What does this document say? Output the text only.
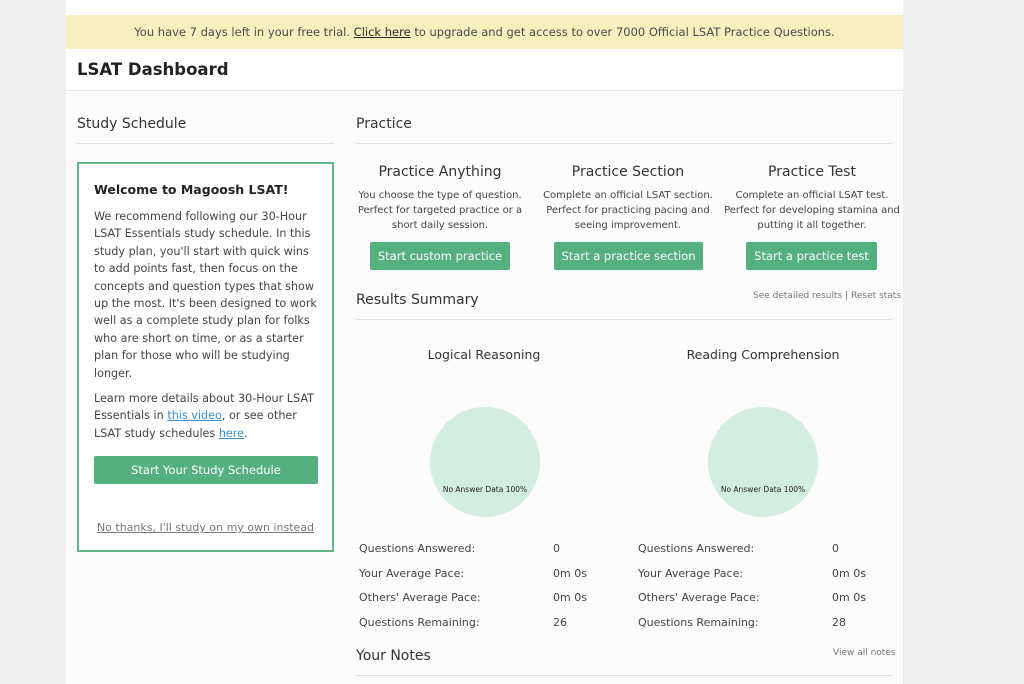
You have 7 days left in your free trial. Click here to upgrade and get access to over 7000 Official LSAT Practice Questions.
LSAT Dashboard
Study Schedule
Welcome to Magoosh LSAT!

We recommend following our 30-Hour LSAT Essentials study schedule. In this study plan, you'll start with quick wins to add points fast, then focus on the concepts and question types that show up the most. It's been designed to work well as a complete study plan for folks who are short on time, or as a starter plan for those who will be studying longer.

Learn more details about 30-Hour LSAT Essentials in this video, or see other LSAT study schedules here.

Start Your Study Schedule
No thanks, I'll study on my own instead
Practice
Practice Anything

You choose the type of question. Perfect for targeted practice or a short daily session.

Start custom practice
Practice Section

Complete an official LSAT section. Perfect for practicing pacing and seeing improvement.

Start a practice section
Practice Test

Complete an official LSAT test. Perfect for developing stamina and putting it all together.

Start a practice test
Results Summary	See detailed results | Reset stats
Logical Reasoning
No Answer Data 100%
Reading Comprehension
No Answer Data 100%
Questions Answered:	0
Your Average Pace:	0m 0s
Others' Average Pace:	0m 0s
Questions Remaining:	26
Questions Answered:	0
Your Average Pace:	0m 0s
Others' Average Pace:	0m 0s
Questions Remaining:	28
Your Notes	View all notes
